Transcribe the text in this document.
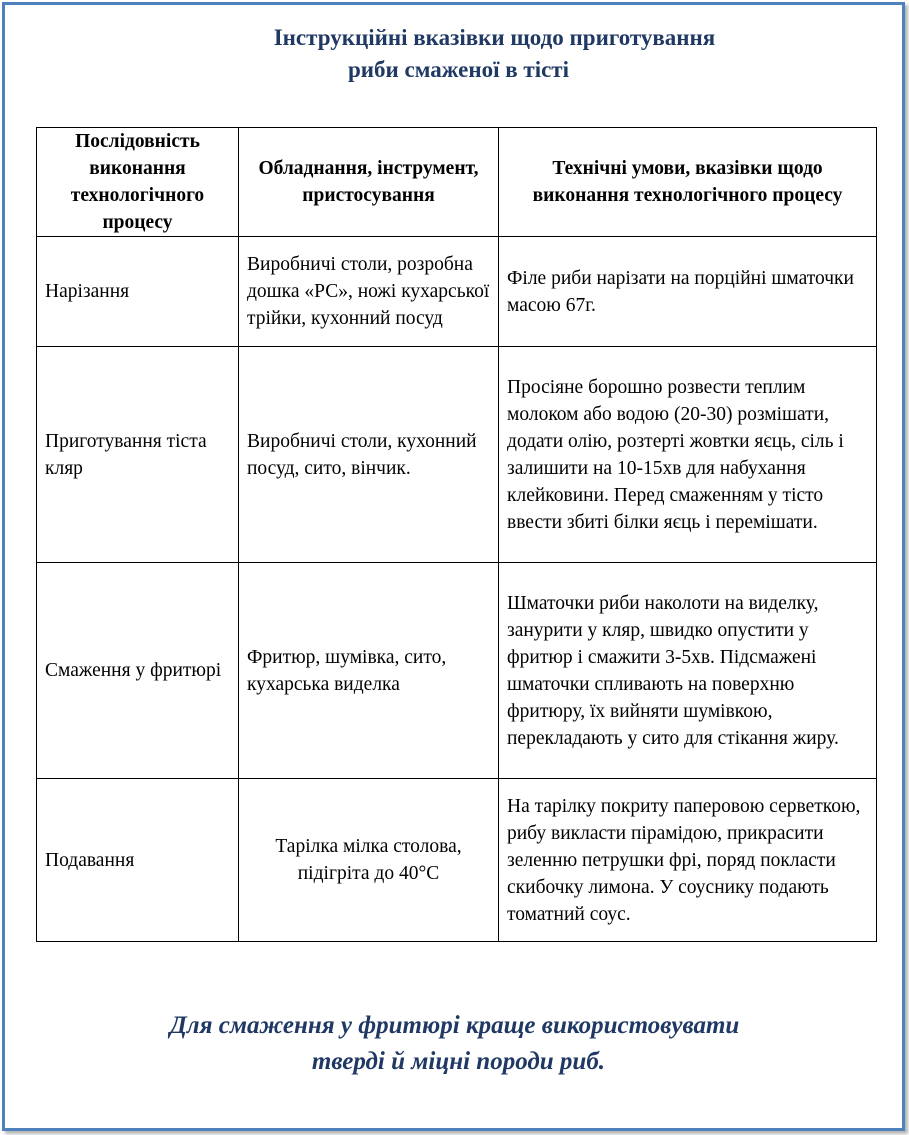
Інструкційні вказівки щодо приготування
риби смаженої в тісті
Послідовність виконання технологічного процесу	Обладнання, інструмент, пристосування	Технічні умови, вказівки щодо виконання технологічного процесу
Нарізання	Виробничі столи, розробна дошка «РС», ножі кухарської трійки, кухонний посуд	Філе риби нарізати на порційні шматочки масою 67г.
Приготування тіста кляр	Виробничі столи, кухонний посуд, сито, вінчик.	Просіяне борошно розвести теплим молоком або водою (20-30) розмішати, додати олію, розтерті жовтки яєць, сіль і залишити на 10-15хв для набухання клейковини. Перед смаженням у тісто ввести збиті білки яєць і перемішати.
Смаження у фритюрі	Фритюр, шумівка, сито, кухарська виделка	Шматочки риби наколоти на виделку, занурити у кляр, швидко опустити у фритюр і смажити 3-5хв. Підсмажені шматочки спливають на поверхню фритюру, їх вийняти шумівкою, перекладають у сито для стікання жиру.
Подавання	Тарілка мілка столова, підігріта до 40°С	На тарілку покриту паперовою серветкою, рибу викласти пірамідою, прикрасити зеленню петрушки фрі, поряд покласти скибочку лимона. У соуснику подають томатний соус.

Для смаження у фритюрі краще використовувати
тверді й міцні породи риб.
